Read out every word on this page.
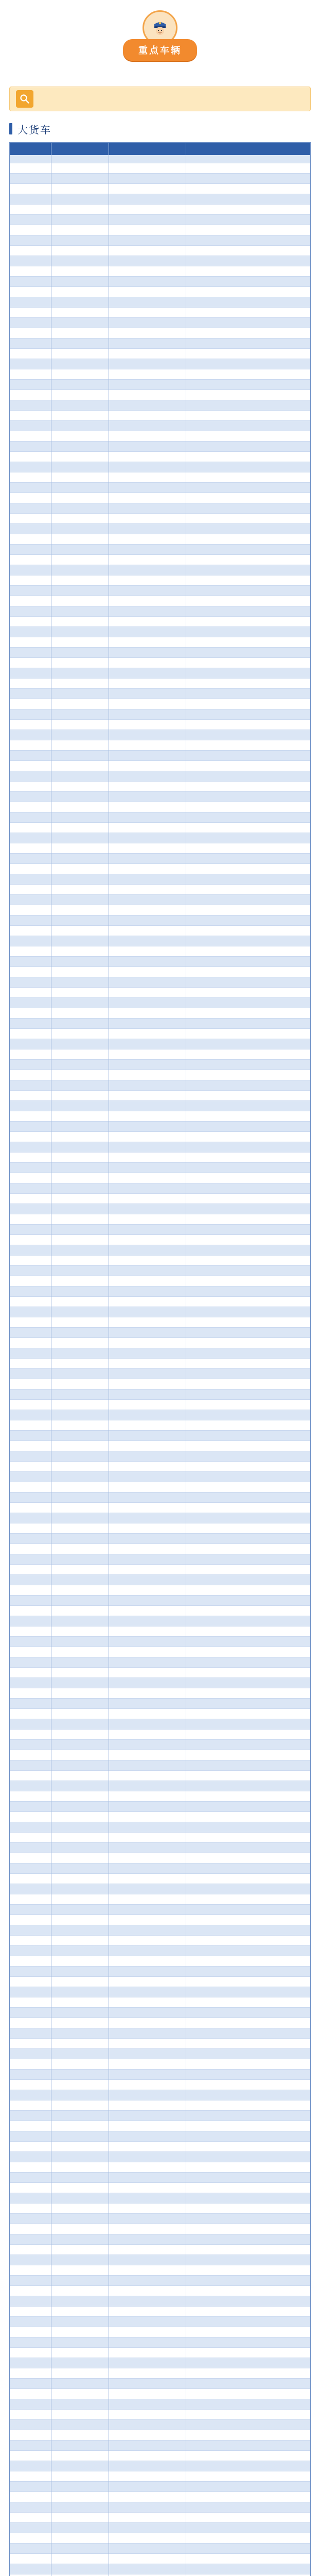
重点车辆
大货车
